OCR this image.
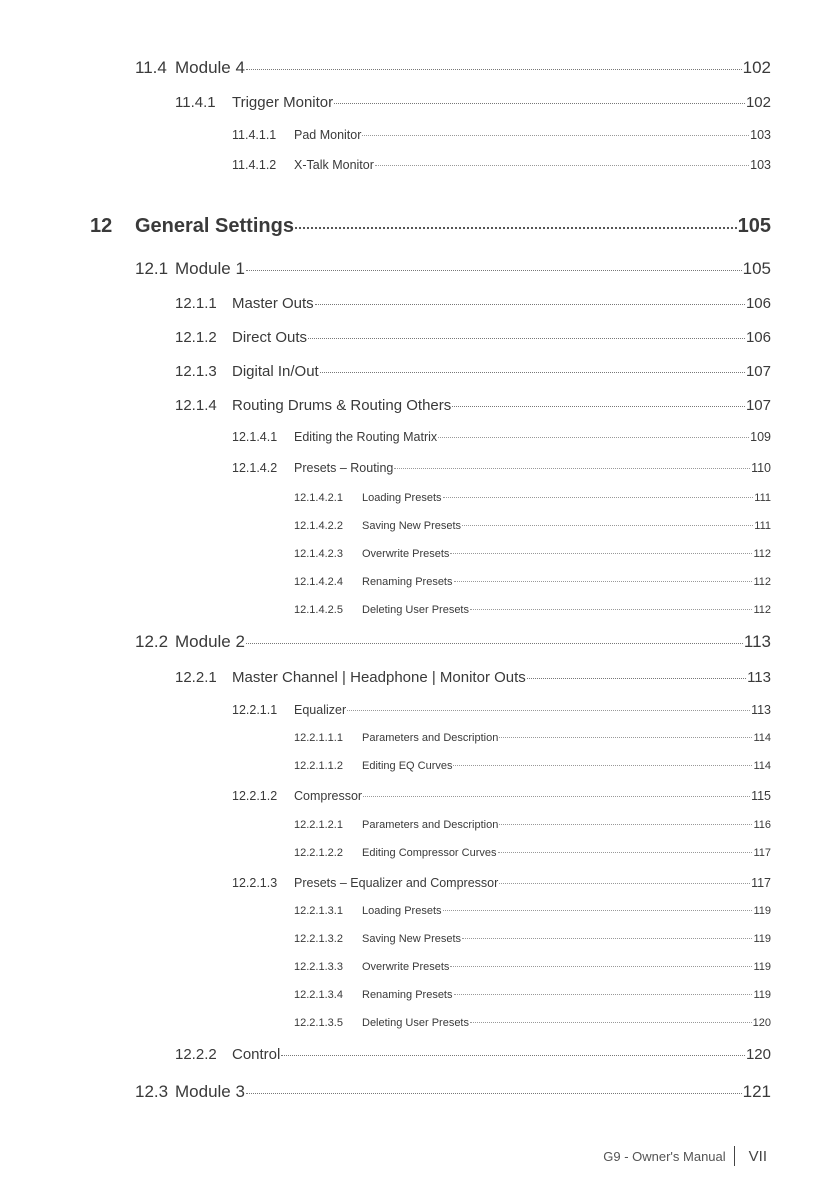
11.4 Module 4	102
11.4.1	Trigger Monitor	102
11.4.1.1	Pad Monitor	103
11.4.1.2	X-Talk Monitor	103
12	General Settings	105
12.1 Module 1	105
12.1.1	Master Outs	106
12.1.2	Direct Outs	106
12.1.3	Digital In/Out	107
12.1.4	Routing Drums & Routing Others	107
12.1.4.1	Editing the Routing Matrix	109
12.1.4.2	Presets – Routing	110
12.1.4.2.1	Loading Presets	111
12.1.4.2.2	Saving New Presets	111
12.1.4.2.3	Overwrite Presets	112
12.1.4.2.4	Renaming Presets	112
12.1.4.2.5	Deleting User Presets	112
12.2 Module 2	113
12.2.1	Master Channel | Headphone | Monitor Outs	113
12.2.1.1	Equalizer	113
12.2.1.1.1	Parameters and Description	114
12.2.1.1.2	Editing EQ Curves	114
12.2.1.2	Compressor	115
12.2.1.2.1	Parameters and Description	116
12.2.1.2.2	Editing Compressor Curves	117
12.2.1.3	Presets – Equalizer and Compressor	117
12.2.1.3.1	Loading Presets	119
12.2.1.3.2	Saving New Presets	119
12.2.1.3.3	Overwrite Presets	119
12.2.1.3.4	Renaming Presets	119
12.2.1.3.5	Deleting User Presets	120
12.2.2	Control	120
12.3 Module 3	121
G9 - Owner's Manual VII
